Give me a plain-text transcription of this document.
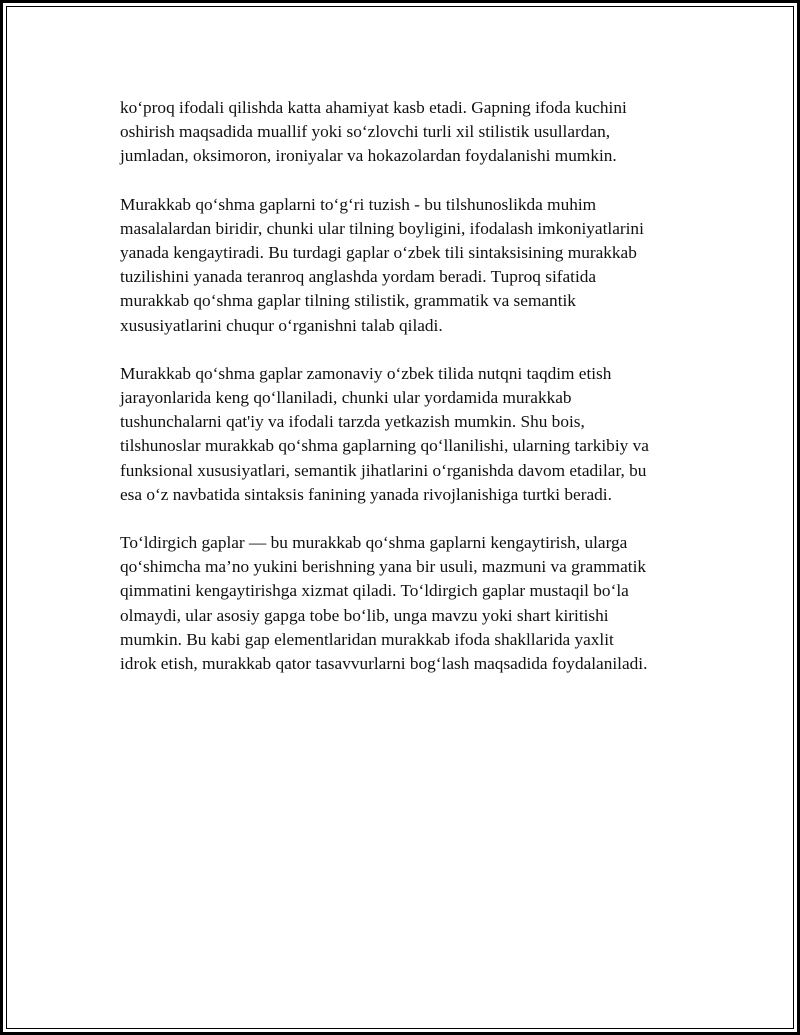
ko‘proq ifodali qilishda katta ahamiyat kasb etadi. Gapning ifoda kuchini
oshirish maqsadida muallif yoki so‘zlovchi turli xil stilistik usullardan,
jumladan, oksimoron, ironiyalar va hokazolardan foydalanishi mumkin.

Murakkab qo‘shma gaplarni to‘g‘ri tuzish - bu tilshunoslikda muhim
masalalardan biridir, chunki ular tilning boyligini, ifodalash imkoniyatlarini
yanada kengaytiradi. Bu turdagi gaplar o‘zbek tili sintaksisining murakkab
tuzilishini yanada teranroq anglashda yordam beradi. Tuproq sifatida
murakkab qo‘shma gaplar tilning stilistik, grammatik va semantik
xususiyatlarini chuqur o‘rganishni talab qiladi.

Murakkab qo‘shma gaplar zamonaviy o‘zbek tilida nutqni taqdim etish
jarayonlarida keng qo‘llaniladi, chunki ular yordamida murakkab
tushunchalarni qat'iy va ifodali tarzda yetkazish mumkin. Shu bois,
tilshunoslar murakkab qo‘shma gaplarning qo‘llanilishi, ularning tarkibiy va
funksional xususiyatlari, semantik jihatlarini o‘rganishda davom etadilar, bu
esa o‘z navbatida sintaksis fanining yanada rivojlanishiga turtki beradi.

To‘ldirgich gaplar — bu murakkab qo‘shma gaplarni kengaytirish, ularga
qo‘shimcha ma’no yukini berishning yana bir usuli, mazmuni va grammatik
qimmatini kengaytirishga xizmat qiladi. To‘ldirgich gaplar mustaqil bo‘la
olmaydi, ular asosiy gapga tobe bo‘lib, unga mavzu yoki shart kiritishi
mumkin. Bu kabi gap elementlaridan murakkab ifoda shakllarida yaxlit
idrok etish, murakkab qator tasavvurlarni bog‘lash maqsadida foydalaniladi.
